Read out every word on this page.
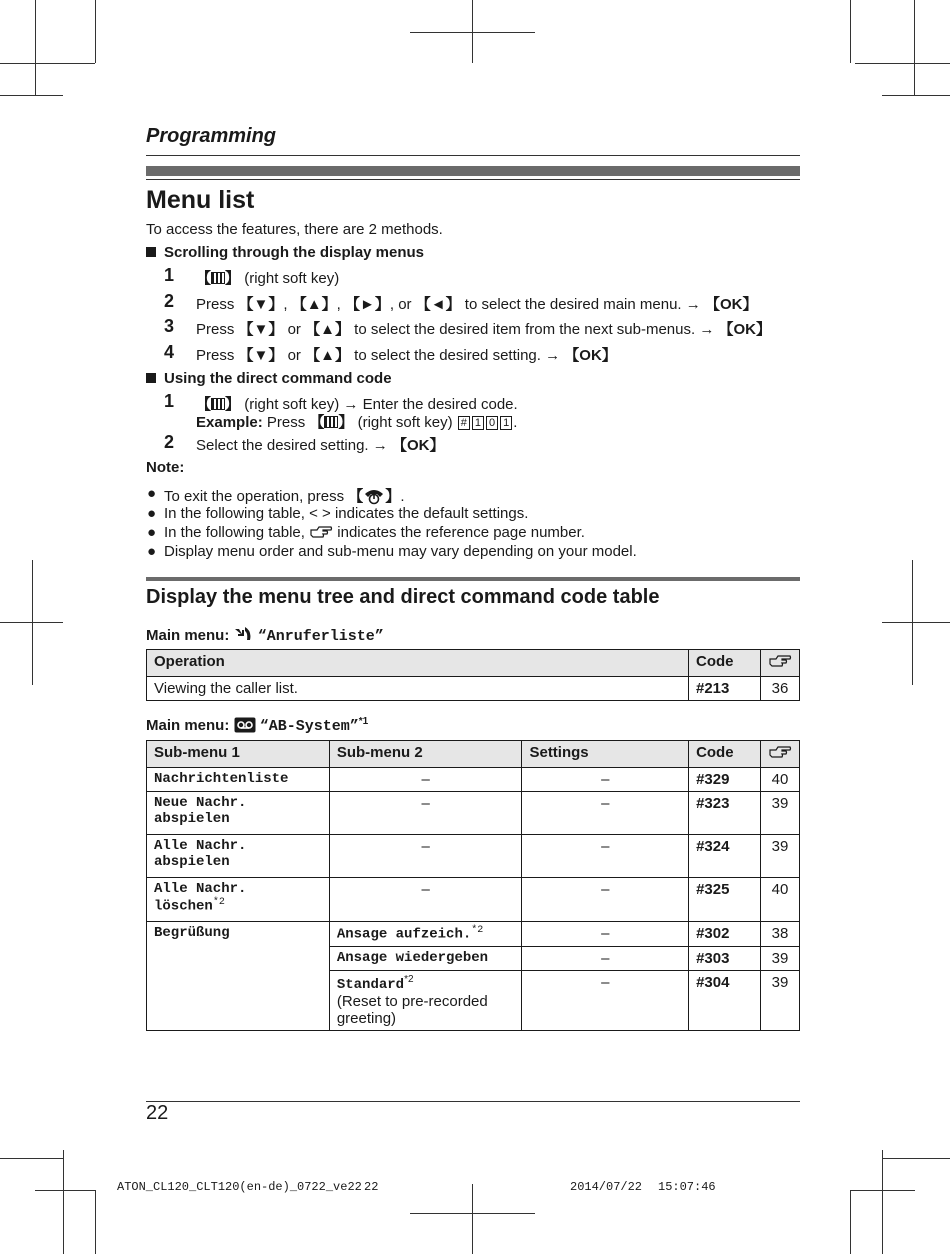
Programming
Menu list
To access the features, there are 2 methods.
Scrolling through the display menus
1 【 】 (right soft key)
2 Press 【▼】, 【▲】, 【►】, or 【◄】 to select the desired main menu. → 【OK】
3 Press 【▼】 or 【▲】 to select the desired item from the next sub-menus. → 【OK】
4 Press 【▼】 or 【▲】 to select the desired setting. → 【OK】
Using the direct command code
1 【 】 (right soft key) → Enter the desired code.
Example: Press 【 】 (right soft key) # 1 0 1 .
2 Select the desired setting. → 【OK】
Note:
● To exit the operation, press 【 】.
● In the following table, < > indicates the default settings.
● In the following table, indicates the reference page number.
● Display menu order and sub-menu may vary depending on your model.
Display the menu tree and direct command code table
Main menu: “Anruferliste”
Operation	Code	
Viewing the caller list.	#213	36
Main menu: “AB-System”$^{*1}$
Sub-menu 1	Sub-menu 2	Settings	Code	
Nachrichtenliste	–	–	#329	40
Neue Nachr.
abspielen	–	–	#323	39
Alle Nachr.
abspielen	–	–	#324	39
Alle Nachr.
löschen$^{*2}$	–	–	#325	40
Begrüßung	Ansage aufzeich.$^{*2}$	–	#302	38
	Ansage wiedergeben	–	#303	39
	Standard$^{*2}$
(Reset to pre-recorded
greeting)	–	#304	39
22
ATON_CL120_CLT120(en-de)_0722_ve22 22	2014/07/22 15:07:46
